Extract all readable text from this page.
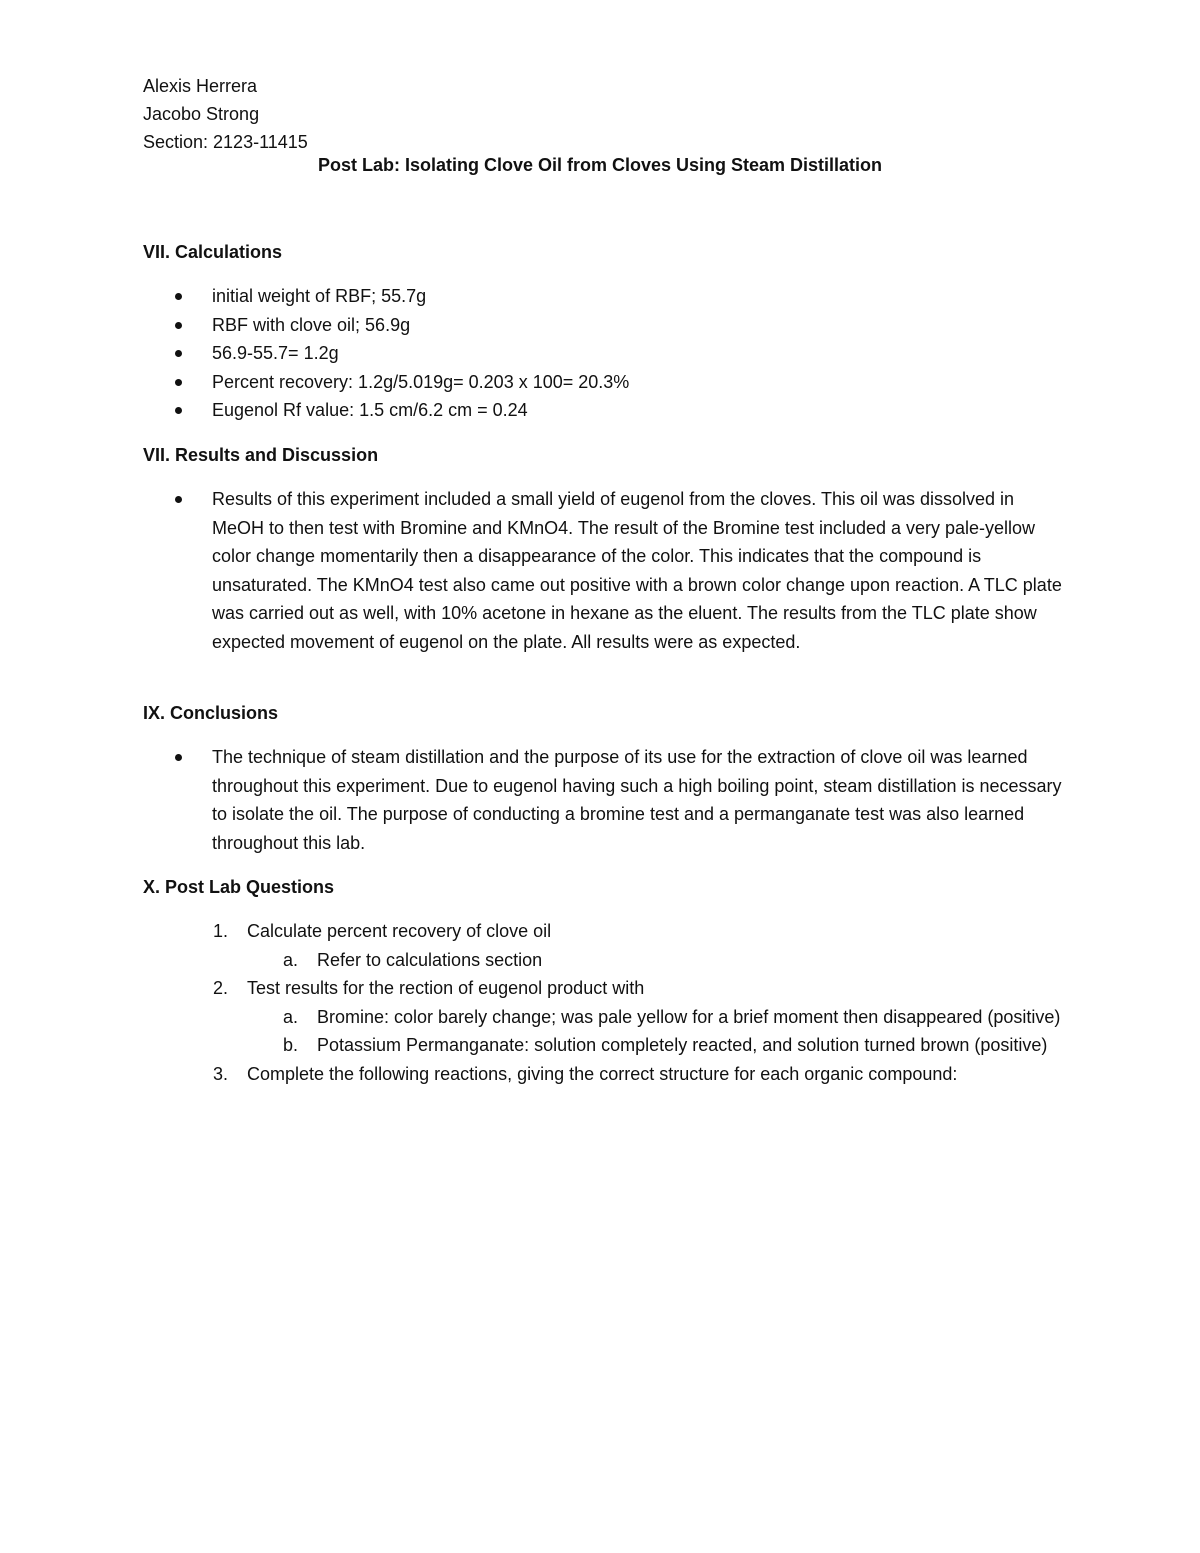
Alexis Herrera
Jacobo Strong
Section: 2123-11415
Post Lab: Isolating Clove Oil from Cloves Using Steam Distillation
VII. Calculations
initial weight of RBF; 55.7g
RBF with clove oil; 56.9g
56.9-55.7= 1.2g
Percent recovery: 1.2g/5.019g= 0.203 x 100= 20.3%
Eugenol Rf value: 1.5 cm/6.2 cm = 0.24
VII. Results and Discussion
Results of this experiment included a small yield of eugenol from the cloves. This oil was dissolved in MeOH to then test with Bromine and KMnO4. The result of the Bromine test included a very pale-yellow color change momentarily then a disappearance of the color. This indicates that the compound is unsaturated. The KMnO4 test also came out positive with a brown color change upon reaction. A TLC plate was carried out as well, with 10% acetone in hexane as the eluent. The results from the TLC plate show expected movement of eugenol on the plate. All results were as expected.
IX. Conclusions
The technique of steam distillation and the purpose of its use for the extraction of clove oil was learned throughout this experiment. Due to eugenol having such a high boiling point, steam distillation is necessary to isolate the oil. The purpose of conducting a bromine test and a permanganate test was also learned throughout this lab.
X. Post Lab Questions
1. Calculate percent recovery of clove oil
a. Refer to calculations section
2. Test results for the rection of eugenol product with
a. Bromine: color barely change; was pale yellow for a brief moment then disappeared (positive)
b. Potassium Permanganate: solution completely reacted, and solution turned brown (positive)
3. Complete the following reactions, giving the correct structure for each organic compound:
